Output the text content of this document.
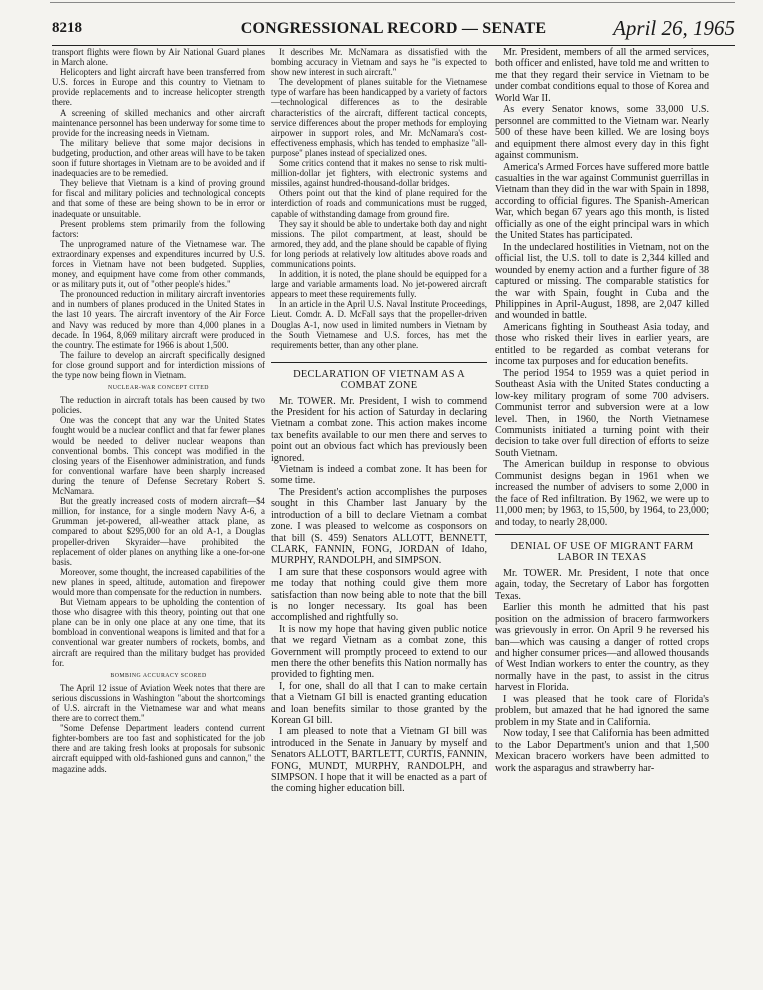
8218	CONGRESSIONAL RECORD — SENATE	April 26, 1965

transport flights were flown by Air National Guard planes in March alone.

Helicopters and light aircraft have been transferred from U.S. forces in Europe and this country to Vietnam to provide replacements and to increase helicopter strength there.

A screening of skilled mechanics and other aircraft maintenance personnel has been underway for some time to provide for the increasing needs in Vietnam.

The military believe that some major decisions in budgeting, production, and other areas will have to be taken soon if future shortages in Vietnam are to be avoided and if inadequacies are to be remedied.

They believe that Vietnam is a kind of proving ground for fiscal and military policies and technological concepts and that some of these are being shown to be in error or inadequate or unsuitable.

Present problems stem primarily from the following factors:

The unprogramed nature of the Vietnamese war. The extraordinary expenses and expenditures incurred by U.S. forces in Vietnam have not been budgeted. Supplies, money, and equipment have come from other commands, or as military puts it, out of "other people's hides."

The pronounced reduction in military aircraft inventories and in numbers of planes produced in the United States in the last 10 years. The aircraft inventory of the Air Force and Navy was reduced by more than 4,000 planes in a decade. In 1964, 8,069 military aircraft were produced in the country. The estimate for 1966 is about 1,500.

The failure to develop an aircraft specifically designed for close ground support and for interdiction missions of the type now being flown in Vietnam.

NUCLEAR-WAR CONCEPT CITED

The reduction in aircraft totals has been caused by two policies.

One was the concept that any war the United States fought would be a nuclear conflict and that far fewer planes would be needed to deliver nuclear weapons than conventional bombs. This concept was modified in the closing years of the Eisenhower administration, and funds for conventional warfare have been sharply increased during the tenure of Defense Secretary Robert S. McNamara.

But the greatly increased costs of modern aircraft—$4 million, for instance, for a single modern Navy A-6, a Grumman jet-powered, all-weather attack plane, as compared to about $295,000 for an old A-1, a Douglas propeller-driven Skyraider—have prohibited the replacement of older planes on anything like a one-for-one basis.

Moreover, some thought, the increased capabilities of the new planes in speed, altitude, automation and firepower would more than compensate for the reduction in numbers.

But Vietnam appears to be upholding the contention of those who disagree with this theory, pointing out that one plane can be in only one place at any one time, that its bombload in conventional weapons is limited and that for a conventional war greater numbers of rockets, bombs, and aircraft are required than the military budget has provided for.

BOMBING ACCURACY SCORED

The April 12 issue of Aviation Week notes that there are serious discussions in Washington "about the shortcomings of U.S. aircraft in the Vietnamese war and what means there are to correct them."

"Some Defense Department leaders contend current fighter-bombers are too fast and sophisticated for the job there and are taking fresh looks at proposals for subsonic aircraft equipped with old-fashioned guns and cannon," the magazine adds.

It describes Mr. McNamara as dissatisfied with the bombing accuracy in Vietnam and says he "is expected to show new interest in such aircraft."

The development of planes suitable for the Vietnamese type of warfare has been handicapped by a variety of factors—technological differences as to the desirable characteristics of the aircraft, different tactical concepts, service differences about the proper methods for employing airpower in support roles, and Mr. McNamara's cost-effectiveness emphasis, which has tended to emphasize "all-purpose" planes instead of specialized ones.

Some critics contend that it makes no sense to risk multi-million-dollar jet fighters, with electronic systems and missiles, against hundred-thousand-dollar bridges.

Others point out that the kind of plane required for the interdiction of roads and communications must be rugged, capable of withstanding damage from ground fire.

They say it should be able to undertake both day and night missions. The pilot compartment, at least, should be armored, they add, and the plane should be capable of flying for long periods at relatively low altitudes above roads and communications points.

In addition, it is noted, the plane should be equipped for a large and variable armaments load. No jet-powered aircraft appears to meet these requirements fully.

In an article in the April U.S. Naval Institute Proceedings, Lieut. Comdr. A. D. McFall says that the propeller-driven Douglas A-1, now used in limited numbers in Vietnam by the South Vietnamese and U.S. forces, has met the requirements better, than any other plane.

DECLARATION OF VIETNAM AS A COMBAT ZONE

Mr. TOWER. Mr. President, I wish to commend the President for his action of Saturday in declaring Vietnam a combat zone. This action makes income tax benefits available to our men there and serves to point out an obvious fact which has previously been ignored.

Vietnam is indeed a combat zone. It has been for some time.

The President's action accomplishes the purposes sought in this Chamber last January by the introduction of a bill to declare Vietnam a combat zone. I was pleased to welcome as cosponsors on that bill (S. 459) Senators ALLOTT, BENNETT, CLARK, FANNIN, FONG, JORDAN of Idaho, MURPHY, RANDOLPH, and SIMPSON.

I am sure that these cosponsors would agree with me today that nothing could give them more satisfaction than now being able to note that the bill is no longer necessary. Its goal has been accomplished and rightfully so.

It is now my hope that having given public notice that we regard Vietnam as a combat zone, this Government will promptly proceed to extend to our men there the other benefits this Nation normally has provided to fighting men.

I, for one, shall do all that I can to make certain that a Vietnam GI bill is enacted granting education and loan benefits similar to those granted by the Korean GI bill.

I am pleased to note that a Vietnam GI bill was introduced in the Senate in January by myself and Senators ALLOTT, BARTLETT, CURTIS, FANNIN, FONG, MUNDT, MURPHY, RANDOLPH, and SIMPSON. I hope that it will be enacted as a part of the coming higher education bill.

Mr. President, members of all the armed services, both officer and enlisted, have told me and written to me that they regard their service in Vietnam to be under combat conditions equal to those of Korea and World War II.

As every Senator knows, some 33,000 U.S. personnel are committed to the Vietnam war. Nearly 500 of these have been killed. We are losing boys and equipment there almost every day in this fight against communism.

America's Armed Forces have suffered more battle casualties in the war against Communist guerrillas in Vietnam than they did in the war with Spain in 1898, according to official figures. The Spanish-American War, which began 67 years ago this month, is listed officially as one of the eight principal wars in which the United States has participated.

In the undeclared hostilities in Vietnam, not on the official list, the U.S. toll to date is 2,344 killed and wounded by enemy action and a further figure of 38 captured or missing. The comparable statistics for the war with Spain, fought in Cuba and the Philippines in April-August, 1898, are 2,047 killed and wounded in battle.

Americans fighting in Southeast Asia today, and those who risked their lives in earlier years, are entitled to be regarded as combat veterans for income tax purposes and for education benefits.

The period 1954 to 1959 was a quiet period in Southeast Asia with the United States conducting a low-key military program of some 700 advisers. Communist terror and subversion were at a low level. Then, in 1960, the North Vietnamese Communists initiated a turning point with their decision to take over full direction of efforts to seize South Vietnam.

The American buildup in response to obvious Communist designs began in 1961 when we increased the number of advisers to some 2,000 in the face of Red infiltration. By 1962, we were up to 11,000 men; by 1963, to 15,500, by 1964, to 23,000; and today, to nearly 28,000.

DENIAL OF USE OF MIGRANT FARM LABOR IN TEXAS

Mr. TOWER. Mr. President, I note that once again, today, the Secretary of Labor has forgotten Texas.

Earlier this month he admitted that his past position on the admission of bracero farmworkers was grievously in error. On April 9 he reversed his ban—which was causing a danger of rotted crops and higher consumer prices—and allowed thousands of West Indian workers to enter the country, as they normally have in the past, to assist in the citrus harvest in Florida.

I was pleased that he took care of Florida's problem, but amazed that he had ignored the same problem in my State and in California.

Now today, I see that California has been admitted to the Labor Department's union and that 1,500 Mexican bracero workers have been admitted to work the asparagus and strawberry har-
